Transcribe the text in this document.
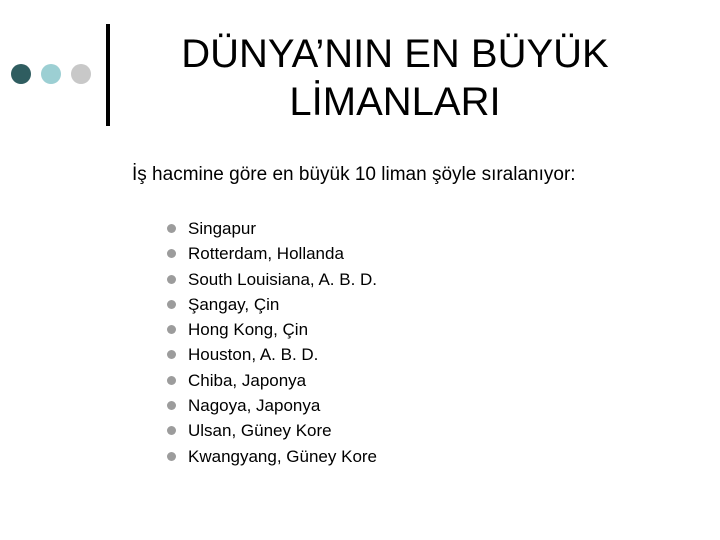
DÜNYA’NIN EN BÜYÜK
LİMANLARI
İş hacmine göre en büyük 10 liman şöyle sıralanıyor:
Singapur
Rotterdam, Hollanda
South Louisiana, A. B. D.
Şangay, Çin
Hong Kong, Çin
Houston, A. B. D.
Chiba, Japonya
Nagoya, Japonya
Ulsan, Güney Kore
Kwangyang, Güney Kore
